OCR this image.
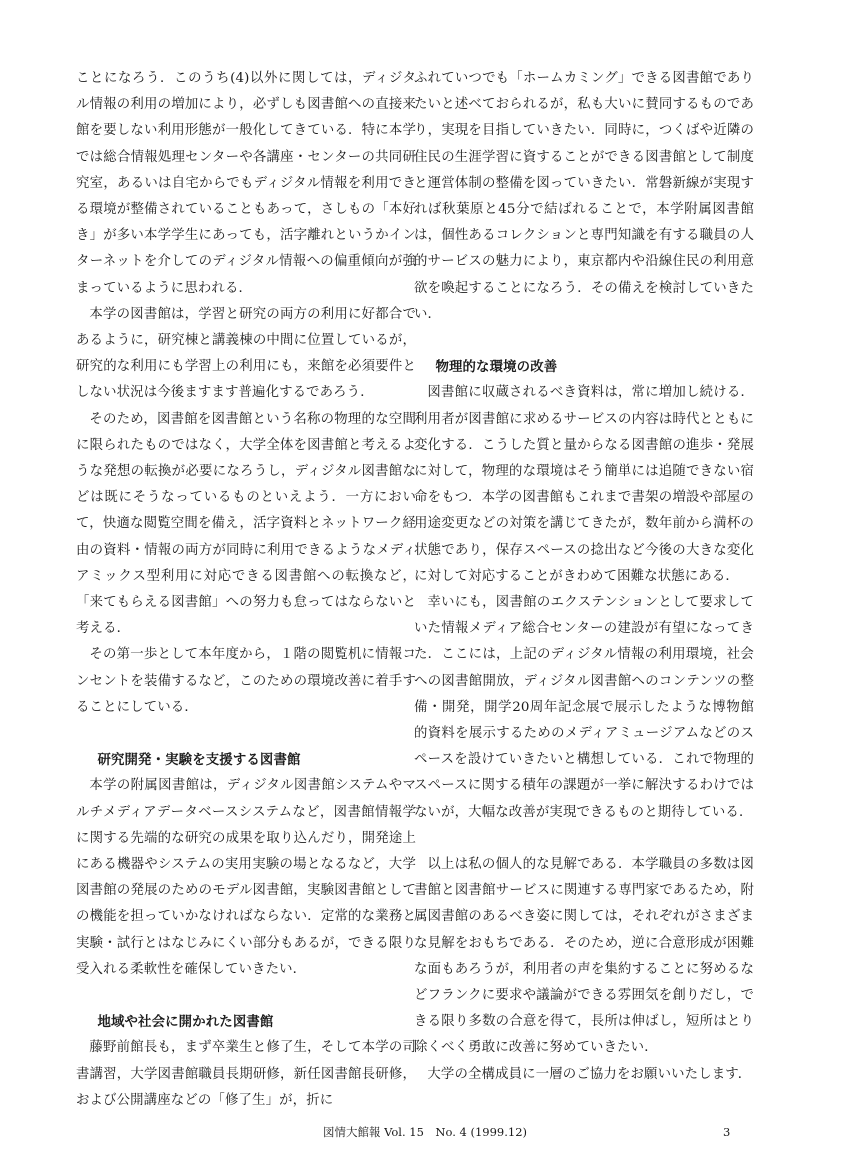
ことになろう．このうち(4)以外に関しては，ディジタル情報の利用の増加により，必ずしも図書館への直接来館を要しない利用形態が一般化してきている．特に本学では総合情報処理センターや各講座・センターの共同研究室，あるいは自宅からでもディジタル情報を利用できる環境が整備されていることもあって，さしもの「本好き」が多い本学学生にあっても，活字離れというかインターネットを介してのディジタル情報への偏重傾向が強まっているように思われる．

本学の図書館は，学習と研究の両方の利用に好都合であるように，研究棟と講義棟の中間に位置しているが，研究的な利用にも学習上の利用にも，来館を必須要件としない状況は今後ますます普遍化するであろう．

そのため，図書館を図書館という名称の物理的な空間に限られたものではなく，大学全体を図書館と考えるような発想の転換が必要になろうし，ディジタル図書館などは既にそうなっているものといえよう．一方において，快適な閲覧空間を備え，活字資料とネットワーク経由の資料・情報の両方が同時に利用できるようなメディアミックス型利用に対応できる図書館への転換など，「来てもらえる図書館」への努力も怠ってはならないと考える．

その第一歩として本年度から，１階の閲覧机に情報コンセントを装備するなど，このための環境改善に着手することにしている．

研究開発・実験を支援する図書館

本学の附属図書館は，ディジタル図書館システムやマルチメディアデータベースシステムなど，図書館情報学に関する先端的な研究の成果を取り込んだり，開発途上にある機器やシステムの実用実験の場となるなど，大学図書館の発展のためのモデル図書館，実験図書館としての機能を担っていかなければならない．定常的な業務と実験・試行とはなじみにくい部分もあるが，できる限り受入れる柔軟性を確保していきたい．

地域や社会に開かれた図書館

藤野前館長も，まず卒業生と修了生，そして本学の司書講習，大学図書館職員長期研修，新任図書館長研修，および公開講座などの「修了生」が，折に

ふれていつでも「ホームカミング」できる図書館でありたいと述べておられるが，私も大いに賛同するものであり，実現を目指していきたい．同時に，つくばや近隣の住民の生涯学習に資することができる図書館として制度と運営体制の整備を図っていきたい．常磐新線が実現すれば秋葉原と45分で結ばれることで，本学附属図書館は，個性あるコレクションと専門知識を有する職員の人的サービスの魅力により，東京都内や沿線住民の利用意欲を喚起することになろう．その備えを検討していきたい．

物理的な環境の改善

図書館に収蔵されるべき資料は，常に増加し続ける．利用者が図書館に求めるサービスの内容は時代とともに変化する．こうした質と量からなる図書館の進歩・発展に対して，物理的な環境はそう簡単には追随できない宿命をもつ．本学の図書館もこれまで書架の増設や部屋の用途変更などの対策を講じてきたが，数年前から満杯の状態であり，保存スペースの捻出など今後の大きな変化に対して対応することがきわめて困難な状態にある．

幸いにも，図書館のエクステンションとして要求していた情報メディア総合センターの建設が有望になってきた．ここには，上記のディジタル情報の利用環境，社会への図書館開放，ディジタル図書館へのコンテンツの整備・開発，開学20周年記念展で展示したような博物館的資料を展示するためのメディアミュージアムなどのスペースを設けていきたいと構想している．これで物理的スペースに関する積年の課題が一挙に解決するわけではないが，大幅な改善が実現できるものと期待している．

以上は私の個人的な見解である．本学職員の多数は図書館と図書館サービスに関連する専門家であるため，附属図書館のあるべき姿に関しては，それぞれがさまざまな見解をおもちである．そのため，逆に合意形成が困難な面もあろうが，利用者の声を集約することに努めるなどフランクに要求や議論ができる雰囲気を創りだし，できる限り多数の合意を得て，長所は伸ばし，短所はとり除くべく勇敢に改善に努めていきたい．

大学の全構成員に一層のご協力をお願いいたします．

図情大館報 Vol. 15　No. 4 (1999.12)	3
